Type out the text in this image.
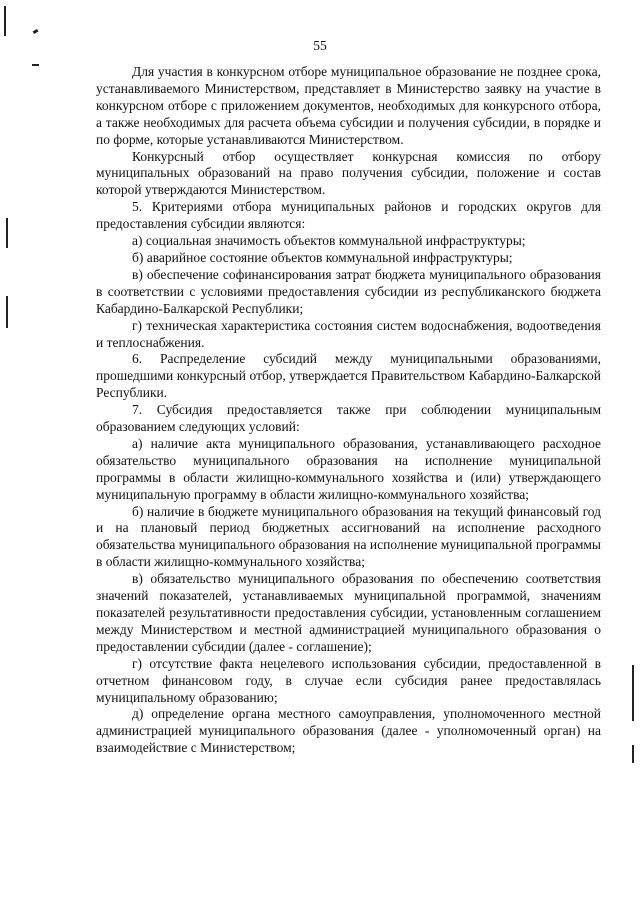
55

Для участия в конкурсном отборе муниципальное образование не позднее срока, устанавливаемого Министерством, представляет в Министерство заявку на участие в конкурсном отборе с приложением документов, необходимых для конкурсного отбора, а также необходимых для расчета объема субсидии и получения субсидии, в порядке и по форме, которые устанавливаются Министерством.

Конкурсный отбор осуществляет конкурсная комиссия по отбору муниципальных образований на право получения субсидии, положение и состав которой утверждаются Министерством.

5. Критериями отбора муниципальных районов и городских округов для предоставления субсидии являются:

а) социальная значимость объектов коммунальной инфраструктуры;

б) аварийное состояние объектов коммунальной инфраструктуры;

в) обеспечение софинансирования затрат бюджета муниципального образования в соответствии с условиями предоставления субсидии из республиканского бюджета Кабардино-Балкарской Республики;

г) техническая характеристика состояния систем водоснабжения, водоотведения и теплоснабжения.

6. Распределение субсидий между муниципальными образованиями, прошедшими конкурсный отбор, утверждается Правительством Кабардино-Балкарской Республики.

7. Субсидия предоставляется также при соблюдении муниципальным образованием следующих условий:

а) наличие акта муниципального образования, устанавливающего расходное обязательство муниципального образования на исполнение муниципальной программы в области жилищно-коммунального хозяйства и (или) утверждающего муниципальную программу в области жилищно-коммунального хозяйства;

б) наличие в бюджете муниципального образования на текущий финансовый год и на плановый период бюджетных ассигнований на исполнение расходного обязательства муниципального образования на исполнение муниципальной программы в области жилищно-коммунального хозяйства;

в) обязательство муниципального образования по обеспечению соответствия значений показателей, устанавливаемых муниципальной программой, значениям показателей результативности предоставления субсидии, установленным соглашением между Министерством и местной администрацией муниципального образования о предоставлении субсидии (далее - соглашение);

г) отсутствие факта нецелевого использования субсидии, предоставленной в отчетном финансовом году, в случае если субсидия ранее предоставлялась муниципальному образованию;

д) определение органа местного самоуправления, уполномоченного местной администрацией муниципального образования (далее - уполномоченный орган) на взаимодействие с Министерством;
